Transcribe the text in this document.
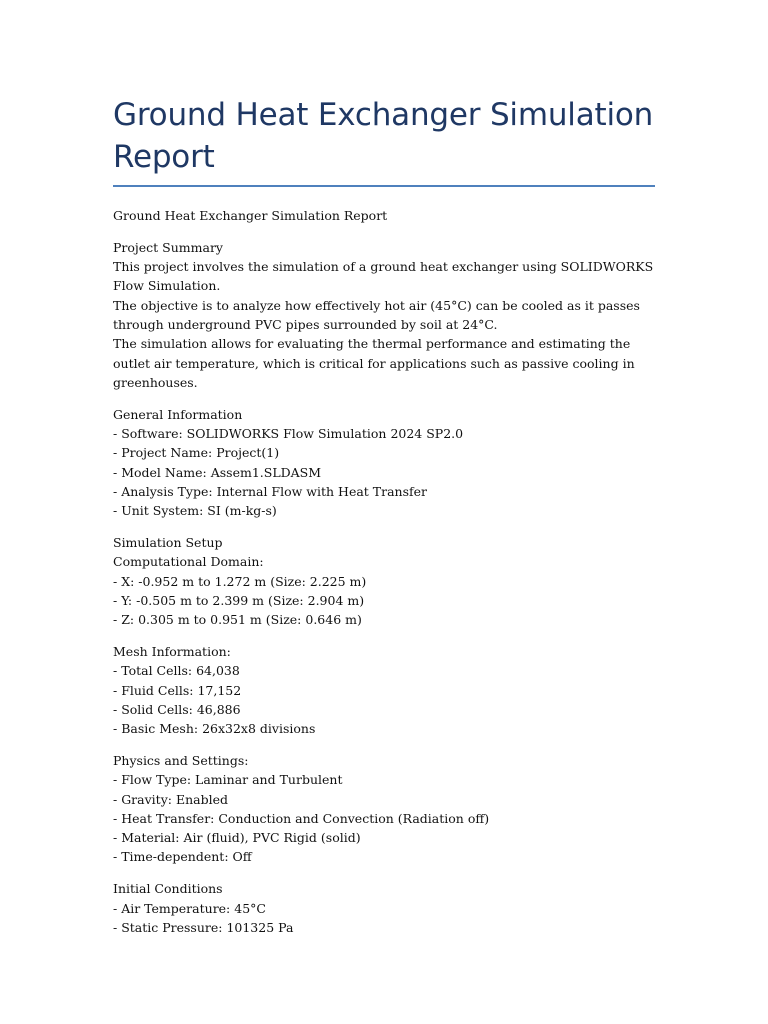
Ground Heat Exchanger Simulation Report
Ground Heat Exchanger Simulation Report
Project Summary
This project involves the simulation of a ground heat exchanger using SOLIDWORKS Flow Simulation.
The objective is to analyze how effectively hot air (45°C) can be cooled as it passes through underground PVC pipes surrounded by soil at 24°C.
The simulation allows for evaluating the thermal performance and estimating the outlet air temperature, which is critical for applications such as passive cooling in greenhouses.
General Information
- Software: SOLIDWORKS Flow Simulation 2024 SP2.0
- Project Name: Project(1)
- Model Name: Assem1.SLDASM
- Analysis Type: Internal Flow with Heat Transfer
- Unit System: SI (m-kg-s)
Simulation Setup
Computational Domain:
- X: -0.952 m to 1.272 m (Size: 2.225 m)
- Y: -0.505 m to 2.399 m (Size: 2.904 m)
- Z: 0.305 m to 0.951 m (Size: 0.646 m)
Mesh Information:
- Total Cells: 64,038
- Fluid Cells: 17,152
- Solid Cells: 46,886
- Basic Mesh: 26x32x8 divisions
Physics and Settings:
- Flow Type: Laminar and Turbulent
- Gravity: Enabled
- Heat Transfer: Conduction and Convection (Radiation off)
- Material: Air (fluid), PVC Rigid (solid)
- Time-dependent: Off
Initial Conditions
- Air Temperature: 45°C
- Static Pressure: 101325 Pa
